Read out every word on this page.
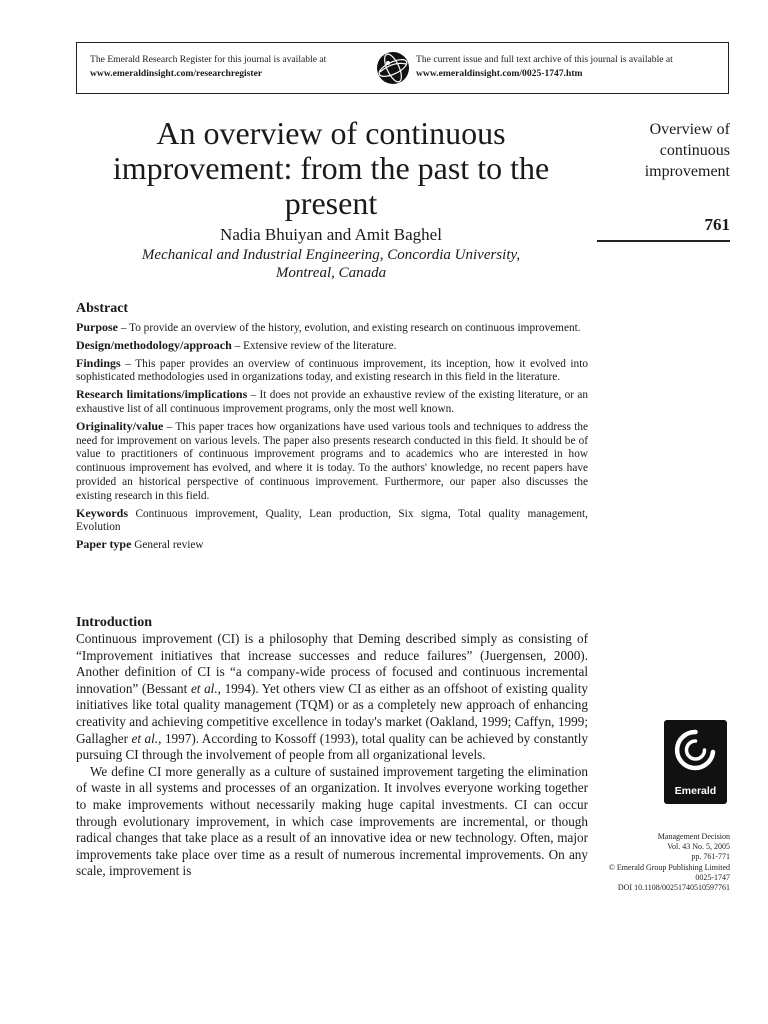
The Emerald Research Register for this journal is available at
www.emeraldinsight.com/researchregister
The current issue and full text archive of this journal is available at
www.emeraldinsight.com/0025-1747.htm
An overview of continuous improvement: from the past to the present
Nadia Bhuiyan and Amit Baghel
Mechanical and Industrial Engineering, Concordia University,
Montreal, Canada
Overview of
continuous
improvement
761
Abstract

Purpose – To provide an overview of the history, evolution, and existing research on continuous improvement.

Design/methodology/approach – Extensive review of the literature.

Findings – This paper provides an overview of continuous improvement, its inception, how it evolved into sophisticated methodologies used in organizations today, and existing research in this field in the literature.

Research limitations/implications – It does not provide an exhaustive review of the existing literature, or an exhaustive list of all continuous improvement programs, only the most well known.

Originality/value – This paper traces how organizations have used various tools and techniques to address the need for improvement on various levels. The paper also presents research conducted in this field. It should be of value to practitioners of continuous improvement programs and to academics who are interested in how continuous improvement has evolved, and where it is today. To the authors' knowledge, no recent papers have provided an historical perspective of continuous improvement. Furthermore, our paper also discusses the existing research in this field.

Keywords Continuous improvement, Quality, Lean production, Six sigma, Total quality management, Evolution

Paper type General review

Introduction

Continuous improvement (CI) is a philosophy that Deming described simply as consisting of “Improvement initiatives that increase successes and reduce failures” (Juergensen, 2000). Another definition of CI is “a company-wide process of focused and continuous incremental innovation” (Bessant et al., 1994). Yet others view CI as either as an offshoot of existing quality initiatives like total quality management (TQM) or as a completely new approach of enhancing creativity and achieving competitive excellence in today's market (Oakland, 1999; Caffyn, 1999; Gallagher et al., 1997). According to Kossoff (1993), total quality can be achieved by constantly pursuing CI through the involvement of people from all organizational levels.

We define CI more generally as a culture of sustained improvement targeting the elimination of waste in all systems and processes of an organization. It involves everyone working together to make improvements without necessarily making huge capital investments. CI can occur through evolutionary improvement, in which case improvements are incremental, or though radical changes that take place as a result of an innovative idea or new technology. Often, major improvements take place over time as a result of numerous incremental improvements. On any scale, improvement is

Emerald
Management Decision
Vol. 43 No. 5, 2005
pp. 761-771
© Emerald Group Publishing Limited
0025-1747
DOI 10.1108/00251740510597761
